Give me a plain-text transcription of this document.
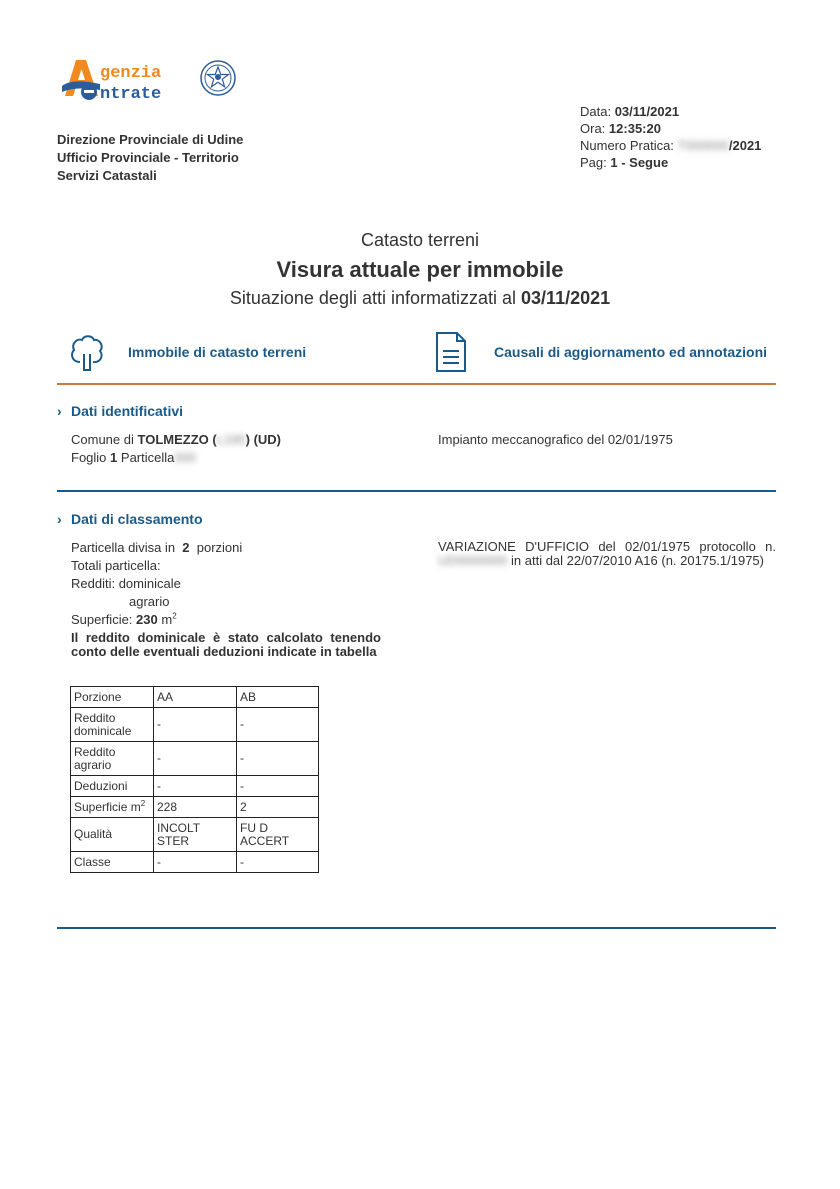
genzia
ntrate
Direzione Provinciale di Udine
Ufficio Provinciale - Territorio
Servizi Catastali
Data: 03/11/2021
Ora: 12:35:20
Numero Pratica: T000000/2021
Pag: 1 - Segue
Catasto terreni
Visura attuale per immobile
Situazione degli atti informatizzati al 03/11/2021
Immobile di catasto terreni	Causali di aggiornamento ed annotazioni
› Dati identificativi
Comune di TOLMEZZO (L195) (UD)
Foglio 1 Particella000
Impianto meccanografico del 02/01/1975
› Dati di classamento
Particella divisa in 2 porzioni
Totali particella:
Redditi: dominicale
agrario
Superficie: 230 $m^2$
Il reddito dominicale è stato calcolato tenendo conto delle eventuali deduzioni indicate in tabella
VARIAZIONE D'UFFICIO del 02/01/1975 protocollo n. UD0000000 in atti dal 22/07/2010 A16 (n. 20175.1/1975)
Porzione	AA	AB
Reddito dominicale	-	-
Reddito agrario	-	-
Deduzioni	-	-
Superficie $m^2$	228	2
Qualità	INCOLT STER	FU D ACCERT
Classe	-	-
